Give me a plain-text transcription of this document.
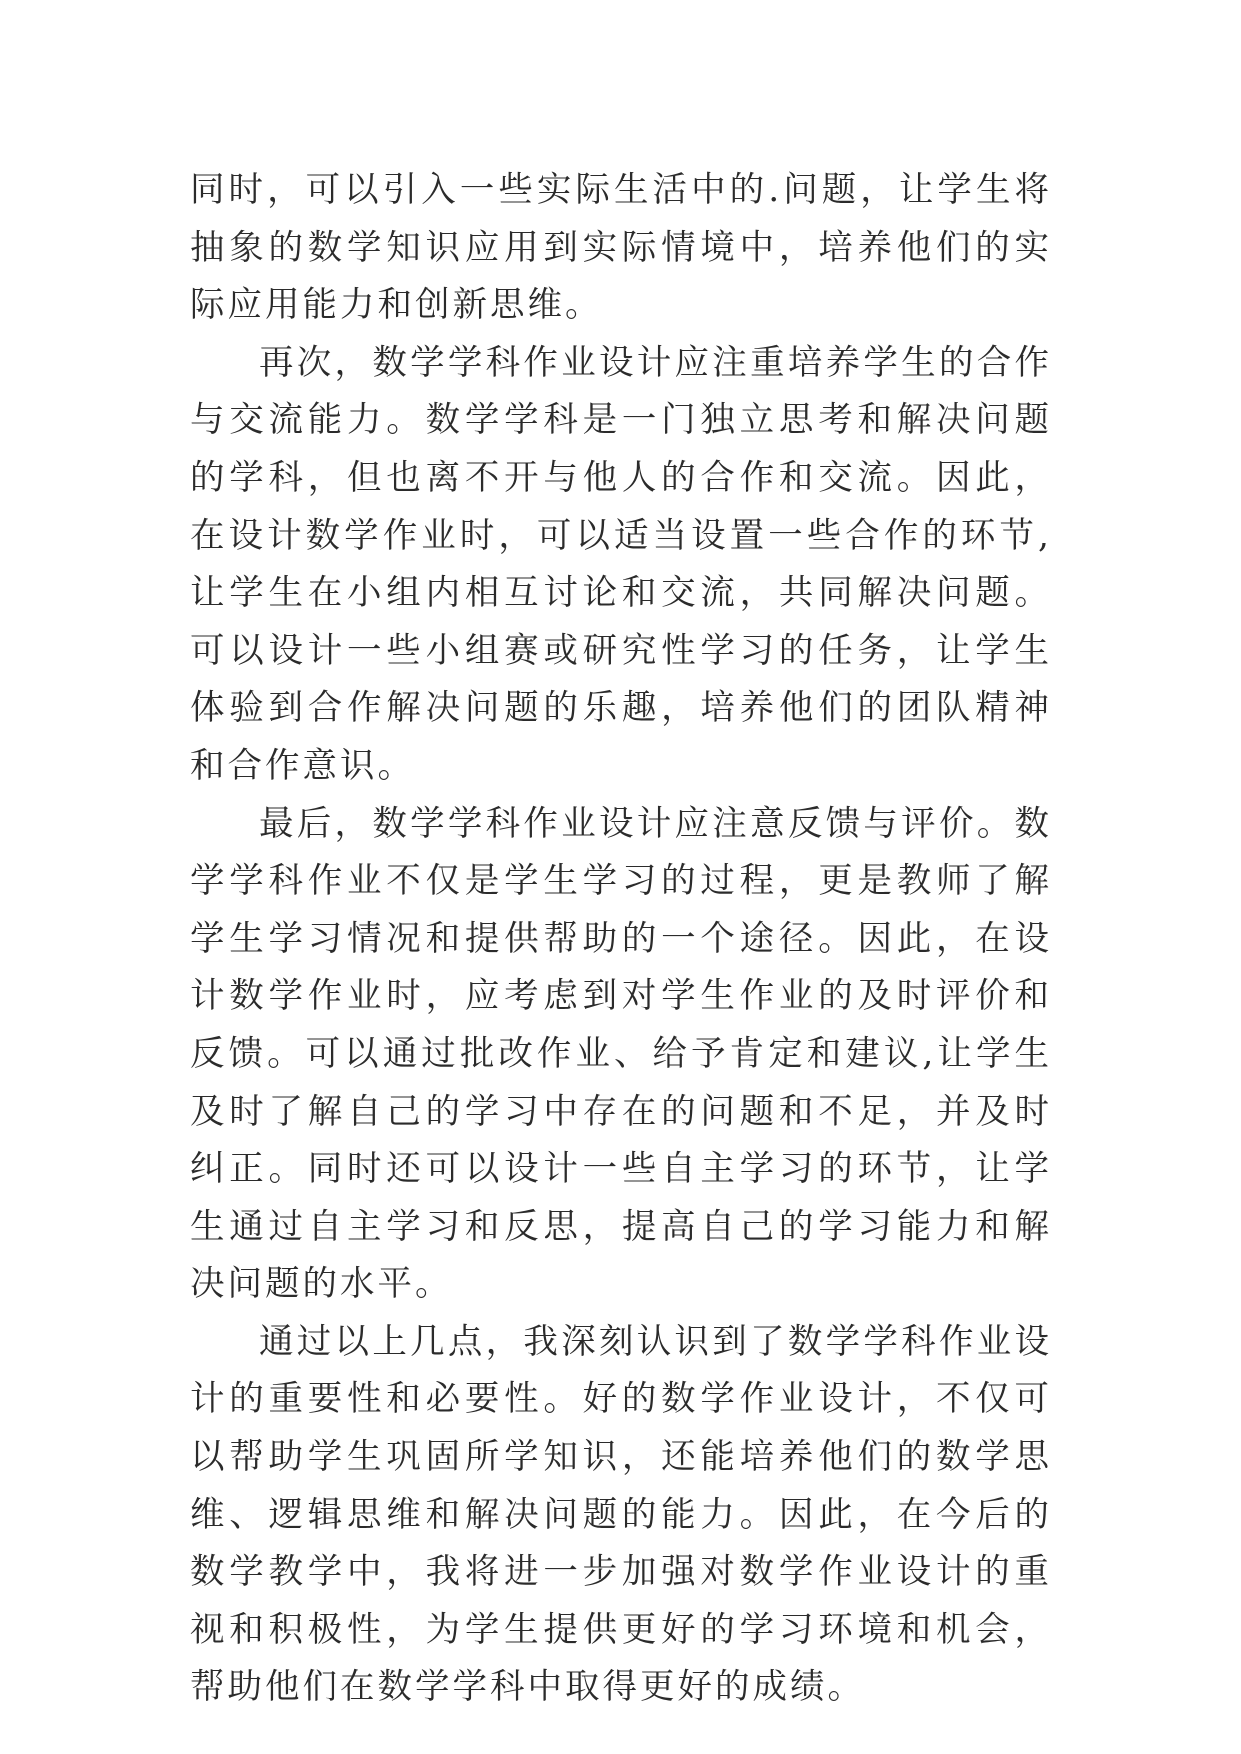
同时，可以引入一些实际生活中的.问题，让学生将抽象的数学知识应用到实际情境中，培养他们的实际应用能力和创新思维。

再次，数学学科作业设计应注重培养学生的合作与交流能力。数学学科是一门独立思考和解决问题的学科，但也离不开与他人的合作和交流。因此，在设计数学作业时，可以适当设置一些合作的环节,让学生在小组内相互讨论和交流，共同解决问题。可以设计一些小组赛或研究性学习的任务，让学生体验到合作解决问题的乐趣，培养他们的团队精神和合作意识。

最后，数学学科作业设计应注意反馈与评价。数学学科作业不仅是学生学习的过程，更是教师了解学生学习情况和提供帮助的一个途径。因此，在设计数学作业时，应考虑到对学生作业的及时评价和反馈。可以通过批改作业、给予肯定和建议,让学生及时了解自己的学习中存在的问题和不足，并及时纠正。同时还可以设计一些自主学习的环节，让学生通过自主学习和反思，提高自己的学习能力和解决问题的水平。

通过以上几点，我深刻认识到了数学学科作业设计的重要性和必要性。好的数学作业设计，不仅可以帮助学生巩固所学知识，还能培养他们的数学思维、逻辑思维和解决问题的能力。因此，在今后的数学教学中，我将进一步加强对数学作业设计的重视和积极性，为学生提供更好的学习环境和机会，帮助他们在数学学科中取得更好的成绩。
